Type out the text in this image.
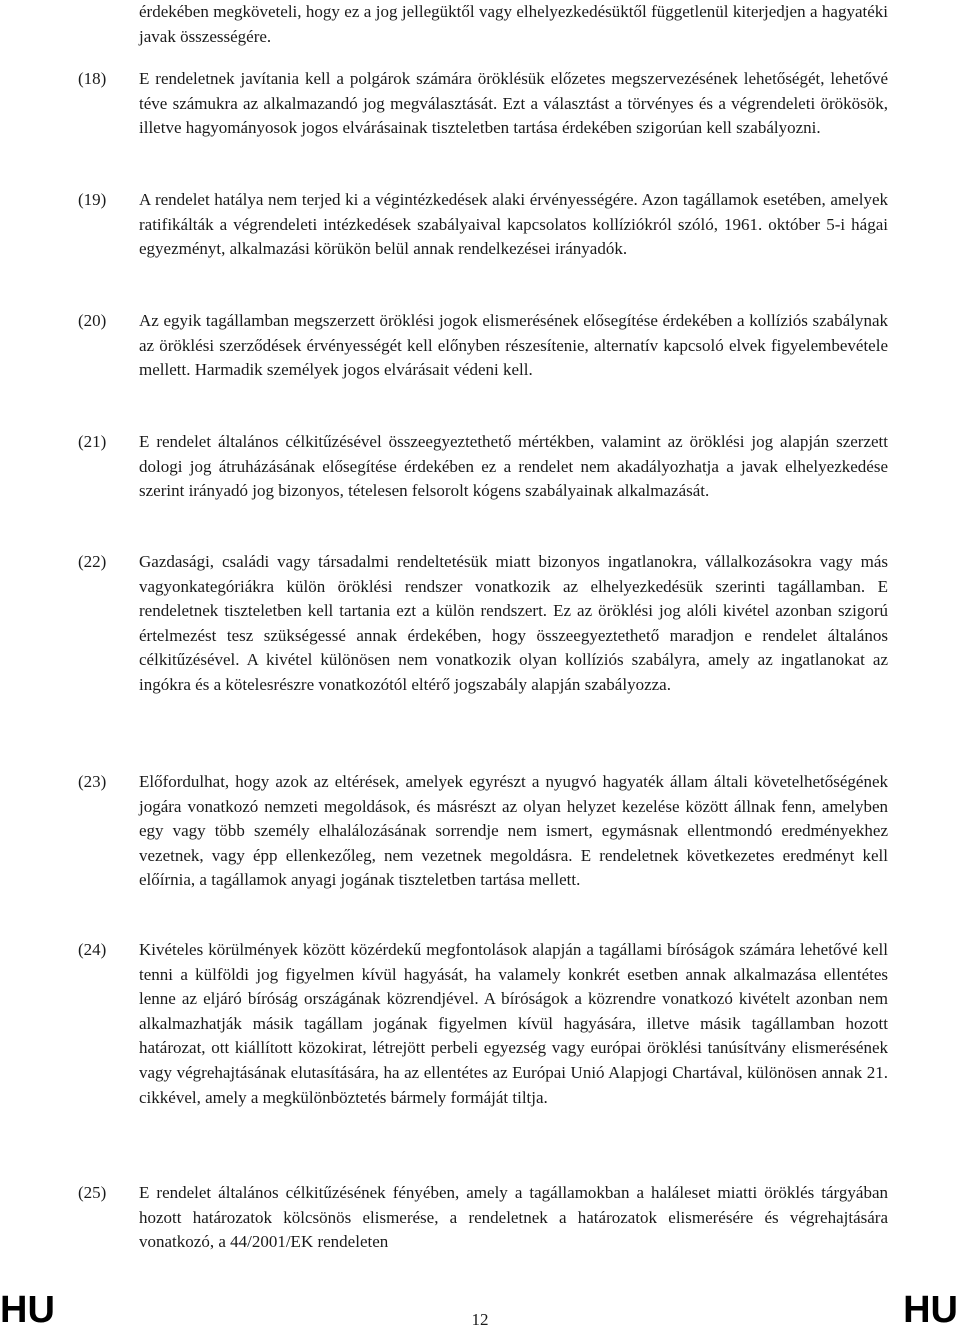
érdekében megköveteli, hogy ez a jog jellegüktől vagy elhelyezkedésüktől függetlenül kiterjedjen a hagyatéki javak összességére.
(18)	E rendeletnek javítania kell a polgárok számára öröklésük előzetes megszervezésének lehetőségét, lehetővé téve számukra az alkalmazandó jog megválasztását. Ezt a választást a törvényes és a végrendeleti örökösök, illetve hagyományosok jogos elvárásainak tiszteletben tartása érdekében szigorúan kell szabályozni.
(19)	A rendelet hatálya nem terjed ki a végintézkedések alaki érvényességére. Azon tagállamok esetében, amelyek ratifikálták a végrendeleti intézkedések szabályaival kapcsolatos kollíziókról szóló, 1961. október 5-i hágai egyezményt, alkalmazási körükön belül annak rendelkezései irányadók.
(20)	Az egyik tagállamban megszerzett öröklési jogok elismerésének elősegítése érdekében a kollíziós szabálynak az öröklési szerződések érvényességét kell előnyben részesítenie, alternatív kapcsoló elvek figyelembevétele mellett. Harmadik személyek jogos elvárásait védeni kell.
(21)	E rendelet általános célkitűzésével összeegyeztethető mértékben, valamint az öröklési jog alapján szerzett dologi jog átruházásának elősegítése érdekében ez a rendelet nem akadályozhatja a javak elhelyezkedése szerint irányadó jog bizonyos, tételesen felsorolt kógens szabályainak alkalmazását.
(22)	Gazdasági, családi vagy társadalmi rendeltetésük miatt bizonyos ingatlanokra, vállalkozásokra vagy más vagyonkategóriákra külön öröklési rendszer vonatkozik az elhelyezkedésük szerinti tagállamban. E rendeletnek tiszteletben kell tartania ezt a külön rendszert. Ez az öröklési jog alóli kivétel azonban szigorú értelmezést tesz szükségessé annak érdekében, hogy összeegyeztethető maradjon e rendelet általános célkitűzésével. A kivétel különösen nem vonatkozik olyan kollíziós szabályra, amely az ingatlanokat az ingókra és a kötelesrészre vonatkozótól eltérő jogszabály alapján szabályozza.
(23)	Előfordulhat, hogy azok az eltérések, amelyek egyrészt a nyugvó hagyaték állam általi követelhetőségének jogára vonatkozó nemzeti megoldások, és másrészt az olyan helyzet kezelése között állnak fenn, amelyben egy vagy több személy elhalálozásának sorrendje nem ismert, egymásnak ellentmondó eredményekhez vezetnek, vagy épp ellenkezőleg, nem vezetnek megoldásra. E rendeletnek következetes eredményt kell előírnia, a tagállamok anyagi jogának tiszteletben tartása mellett.
(24)	Kivételes körülmények között közérdekű megfontolások alapján a tagállami bíróságok számára lehetővé kell tenni a külföldi jog figyelmen kívül hagyását, ha valamely konkrét esetben annak alkalmazása ellentétes lenne az eljáró bíróság országának közrendjével. A bíróságok a közrendre vonatkozó kivételt azonban nem alkalmazhatják másik tagállam jogának figyelmen kívül hagyására, illetve másik tagállamban hozott határozat, ott kiállított közokirat, létrejött perbeli egyezség vagy európai öröklési tanúsítvány elismerésének vagy végrehajtásának elutasítására, ha az ellentétes az Európai Unió Alapjogi Chartával, különösen annak 21. cikkével, amely a megkülönböztetés bármely formáját tiltja.
(25)	E rendelet általános célkitűzésének fényében, amely a tagállamokban a haláleset miatti öröklés tárgyában hozott határozatok kölcsönös elismerése, a rendeletnek a határozatok elismerésére és végrehajtására vonatkozó, a 44/2001/EK rendeleten
HU	12	HU
